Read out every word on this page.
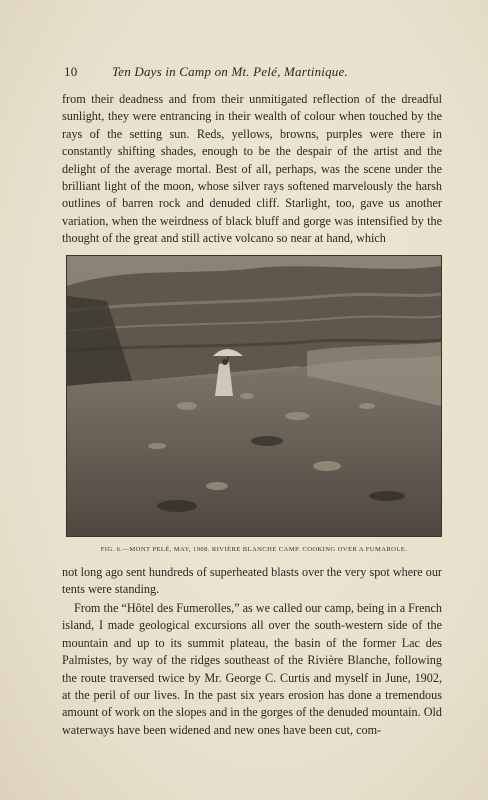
10	Ten Days in Camp on Mt. Pelé, Martinique.

from their deadness and from their unmitigated reflection of the dreadful sunlight, they were entrancing in their wealth of colour when touched by the rays of the setting sun. Reds, yellows, browns, purples were there in constantly shifting shades, enough to be the despair of the artist and the delight of the average mortal. Best of all, perhaps, was the scene under the brilliant light of the moon, whose silver rays softened marvelously the harsh outlines of barren rock and denuded cliff. Starlight, too, gave us another variation, when the weirdness of black bluff and gorge was intensified by the thought of the great and still active volcano so near at hand, which

FIG. 6.—MONT PELÉ, MAY, 1908. RIVIÈRE BLANCHE CAMP. COOKING OVER A FUMAROLE.

not long ago sent hundreds of superheated blasts over the very spot where our tents were standing.

From the “Hôtel des Fumerolles,” as we called our camp, being in a French island, I made geological excursions all over the south-western side of the mountain and up to its summit plateau, the basin of the former Lac des Palmistes, by way of the ridges southeast of the Rivière Blanche, following the route traversed twice by Mr. George C. Curtis and myself in June, 1902, at the peril of our lives. In the past six years erosion has done a tremendous amount of work on the slopes and in the gorges of the denuded mountain. Old waterways have been widened and new ones have been cut, com-
